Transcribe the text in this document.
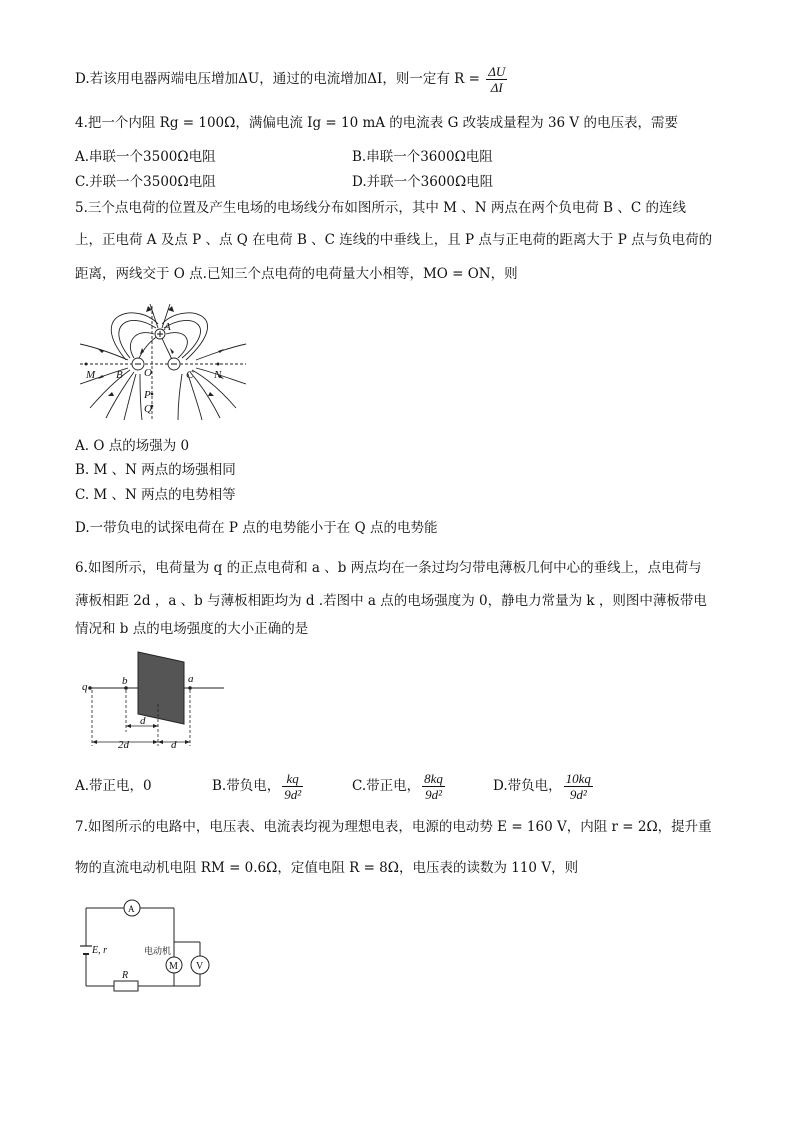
D.若该用电器两端电压增加ΔU，通过的电流增加ΔI，则一定有 $R = \frac{\Delta U}{\Delta I}$
4.把一个内阻 Rg = 100Ω，满偏电流 Ig = 10 mA 的电流表 G 改装成量程为 36 V 的电压表，需要
A.串联一个3500Ω电阻	B.串联一个3600Ω电阻
C.并联一个3500Ω电阻	D.并联一个3600Ω电阻
5.三个点电荷的位置及产生电场的电场线分布如图所示，其中 M 、N 两点在两个负电荷 B 、C 的连线
上，正电荷 A 及点 P 、点 Q 在电荷 B 、C 连线的中垂线上，且 P 点与正电荷的距离大于 P 点与负电荷的
距离，两线交于 O 点.已知三个点电荷的电荷量大小相等，MO = ON，则
A
M B O	C N
P
Q
A. O 点的场强为 0
B. M 、N 两点的场强相同
C. M 、N 两点的电势相等
D.一带负电的试探电荷在 P 点的电势能小于在 Q 点的电势能
6.如图所示，电荷量为 q 的正点电荷和 a 、b 两点均在一条过均匀带电薄板几何中心的垂线上，点电荷与
薄板相距 2d ，a 、b 与薄板相距均为 d .若图中 a 点的电场强度为 0，静电力常量为 k ，则图中薄板带电
情况和 b 点的电场强度的大小正确的是
q	b	a
d
2d	d
A.带正电，0	B.带负电， $\frac{kq}{\text{9d²}}$	C.带正电， $\frac{8kq}{\text{9d²}}$	D.带负电， $\frac{10kq}{\text{9d²}}$
7.如图所示的电路中，电压表、电流表均视为理想电表，电源的电动势 E = 160 V，内阻 r = 2Ω，提升重
物的直流电动机电阻 RM = 0.6Ω，定值电阻 R = 8Ω，电压表的读数为 110 V，则
A
E, r	电动机
M V
R
